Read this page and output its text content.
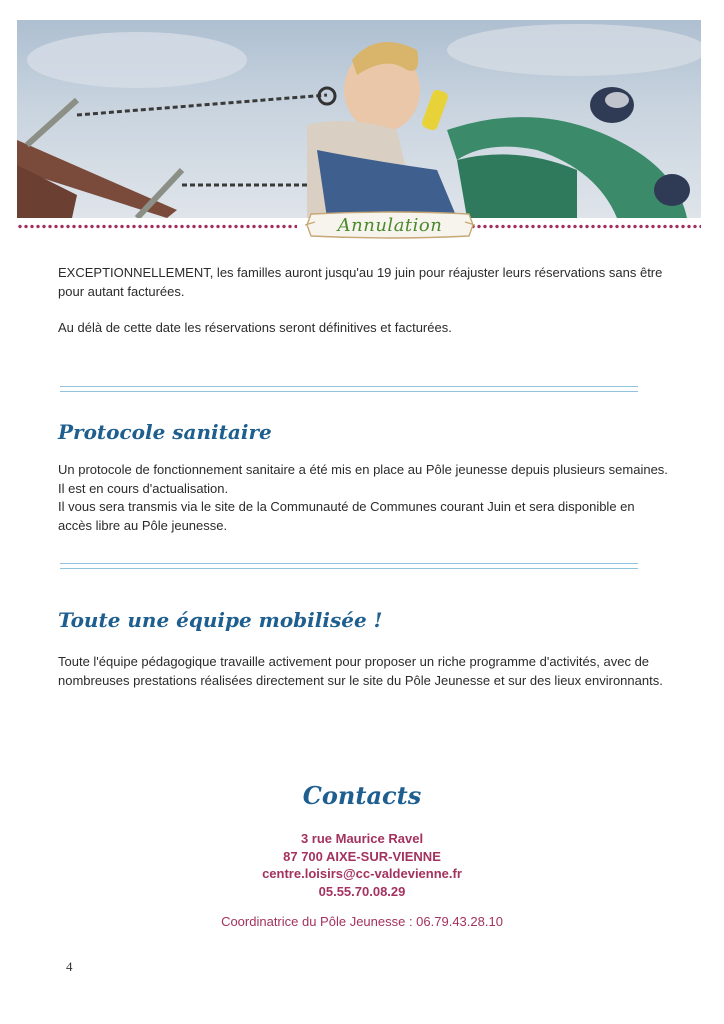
Annulation

EXCEPTIONNELLEMENT, les familles auront jusqu'au 19 juin pour réajuster leurs réservations sans être pour autant facturées.

Au délà de cette date les réservations seront définitives et facturées.

Protocole sanitaire

Un protocole de fonctionnement sanitaire a été mis en place au Pôle jeunesse depuis plusieurs semaines. Il est en cours d'actualisation.

Il vous sera transmis via le site de la Communauté de Communes courant Juin et sera disponible en accès libre au Pôle jeunesse.

Toute une équipe mobilisée !

Toute l'équipe pédagogique travaille activement pour proposer un riche programme d'activités, avec de nombreuses prestations réalisées directement sur le site du Pôle Jeunesse et sur des lieux environnants.

Contacts

3 rue Maurice Ravel

87 700 AIXE-SUR-VIENNE

centre.loisirs@cc-valdevienne.fr

05.55.70.08.29

Coordinatrice du Pôle Jeunesse : 06.79.43.28.10

4
